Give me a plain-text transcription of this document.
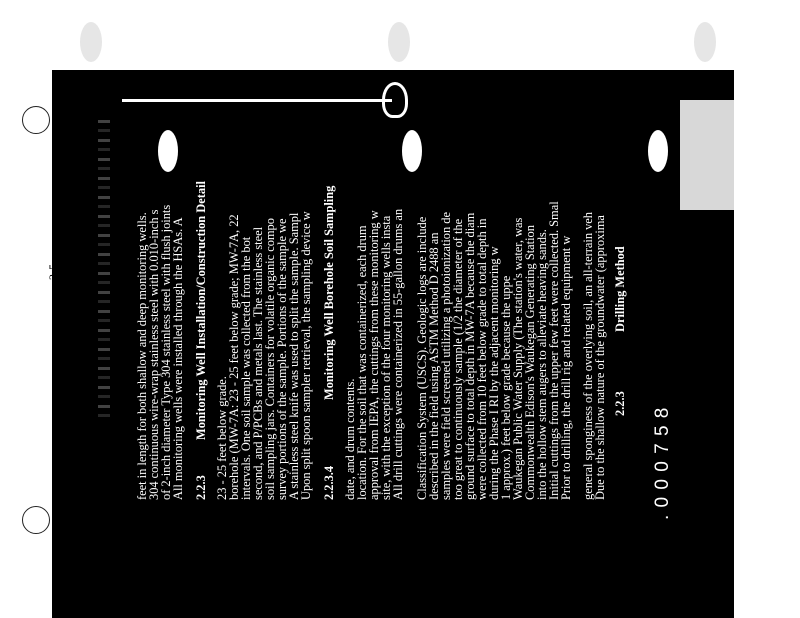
. 0 0 0 7 5 8
2-5
2.2.3
Drilling Method
Due to the shallow nature of the groundwater (approxima
general sponginess of the overlying soil, an all-terrain veh
Prior to drilling, the drill rig and related equipment w
Initial cuttings from the upper few feet were collected. Smal
into the hollow stem augers to alleviate heaving sands.
Commonwealth Edison's Waukegan Generating Station
Waukegan Public Water Supply (The station's water, was
1 approx.) feet below grade because the uppe
during the Phase I RI by the adjacent monitoring w
were collected from 10 feet below grade to total depth in
ground surface to total depth in MW-7A because the diam
too great to continuously sample (1/2 the diameter of the
samples were field screened utilizing a photoionization de
described in the field using ASTM Method D 2488 an
Classification System (USCS). Geologic logs are include
All drill cuttings were containerized in 55-gallon drums an
site, with the exception of the four monitoring wells insta
approval from IEPA, the cuttings from these monitoring w
location. For the soil that was containerized, each drum
date, and drum contents.
2.2.3.4
Monitoring Well Borehole Soil Sampling
Upon split spoon sampler retrieval, the sampling device w
A stainless steel knife was used to split the sample. Sampl
survey portions of the sample. Portions of the sample we
soil sampling jars. Containers for volatile organic compo
second, and P/PCBs and metals last. The stainless steel
intervals. One soil sample was collected from the bot
borehole (MW-7A: 23 - 25 feet below grade; MW-7A, 22
23 - 25 feet below grade.
2.2.3
Monitoring Well Installation/Construction Detail
All monitoring wells were installed through the HSAs. A
of 2-inch diameter Type 304 stainless steel with flush joints
304 continuous wire-wrap stainless steel with 0.010-inch s
feet in length for both shallow and deep monitoring wells.
